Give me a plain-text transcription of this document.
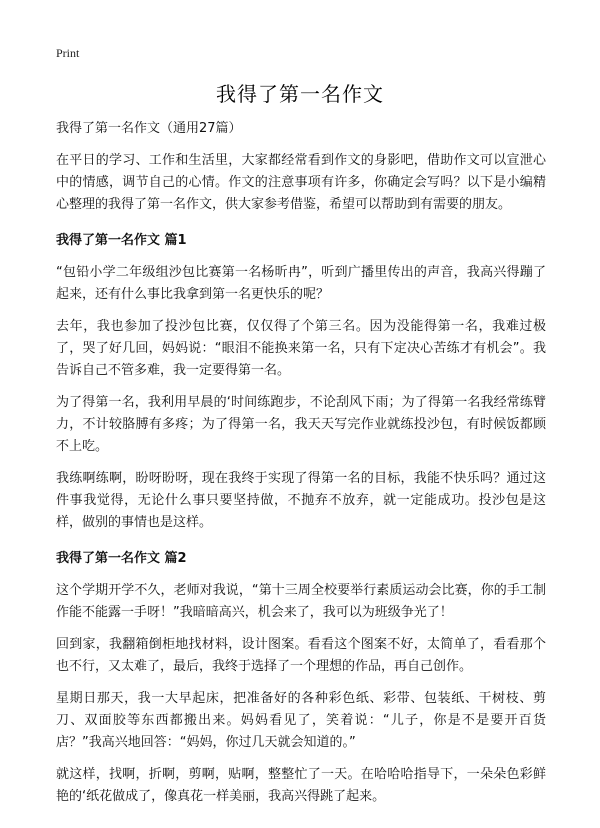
Print
我得了第一名作文

我得了第一名作文（通用27篇）

在平日的学习、工作和生活里，大家都经常看到作文的身影吧，借助作文可以宣泄心中的情感，调节自己的心情。作文的注意事项有许多，你确定会写吗？以下是小编精心整理的我得了第一名作文，供大家参考借鉴，希望可以帮助到有需要的朋友。

我得了第一名作文 篇1

“包铅小学二年级组沙包比赛第一名杨昕冉”，听到广播里传出的声音，我高兴得蹦了起来，还有什么事比我拿到第一名更快乐的呢？

去年，我也参加了投沙包比赛，仅仅得了个第三名。因为没能得第一名，我难过极了，哭了好几回，妈妈说：“眼泪不能换来第一名，只有下定决心苦练才有机会”。我告诉自己不管多难，我一定要得第一名。

为了得第一名，我利用早晨的‘时间练跑步，不论刮风下雨；为了得第一名我经常练臂力，不计较胳膊有多疼；为了得第一名，我天天写完作业就练投沙包，有时候饭都顾不上吃。

我练啊练啊，盼呀盼呀，现在我终于实现了得第一名的目标，我能不快乐吗？通过这件事我觉得，无论什么事只要坚持做，不抛弃不放弃，就一定能成功。投沙包是这样，做别的事情也是这样。

我得了第一名作文 篇2

这个学期开学不久，老师对我说，“第十三周全校要举行素质运动会比赛，你的手工制作能不能露一手呀！”我暗暗高兴，机会来了，我可以为班级争光了！

回到家，我翻箱倒柜地找材料，设计图案。看看这个图案不好，太简单了，看看那个也不行，又太难了，最后，我终于选择了一个理想的作品，再自己创作。

星期日那天，我一大早起床，把准备好的各种彩色纸、彩带、包装纸、干树枝、剪刀、双面胶等东西都搬出来。妈妈看见了，笑着说：“儿子，你是不是要开百货店？”我高兴地回答：“妈妈，你过几天就会知道的。”

就这样，找啊，折啊，剪啊，贴啊，整整忙了一天。在哈哈哈指导下，一朵朵色彩鲜艳的‘纸花做成了，像真花一样美丽，我高兴得跳了起来。
